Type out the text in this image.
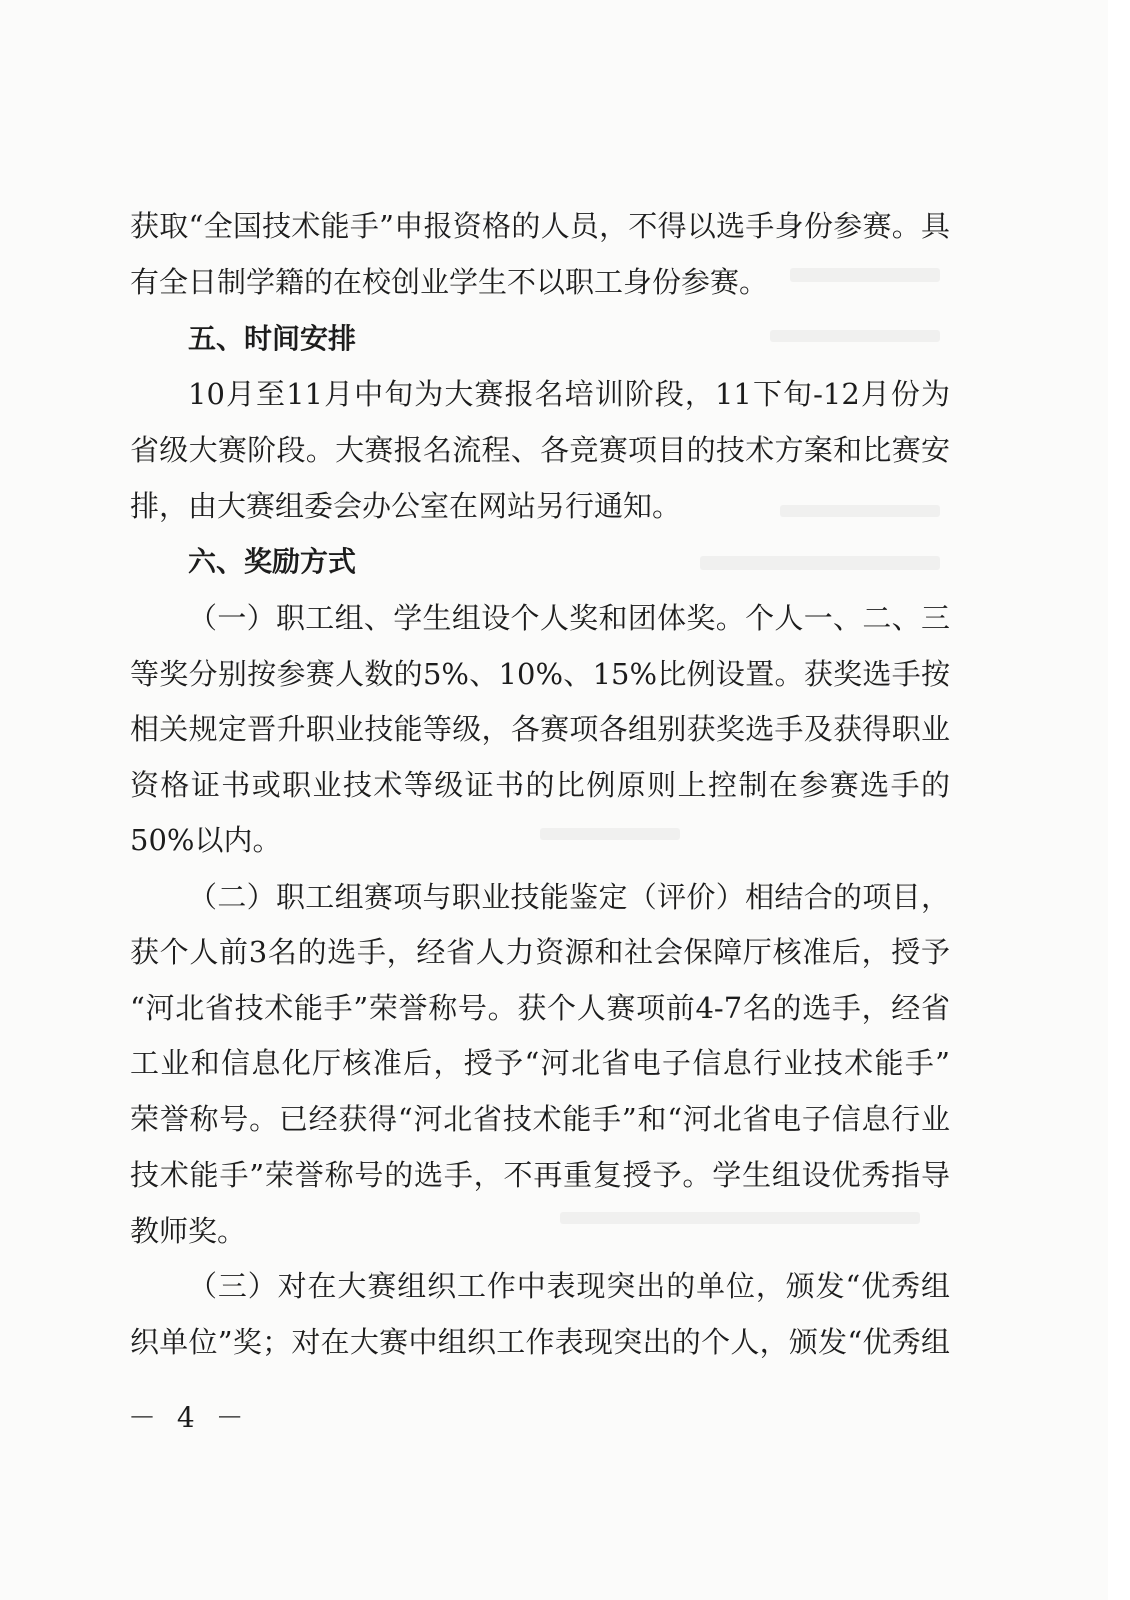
获取“全国技术能手”申报资格的人员，不得以选手身份参赛。具
有全日制学籍的在校创业学生不以职工身份参赛。
五、时间安排
10月至11月中旬为大赛报名培训阶段，11下旬-12月份为
省级大赛阶段。大赛报名流程、各竞赛项目的技术方案和比赛安
排，由大赛组委会办公室在网站另行通知。
六、奖励方式
（一）职工组、学生组设个人奖和团体奖。个人一、二、三
等奖分别按参赛人数的5%、10%、15%比例设置。获奖选手按
相关规定晋升职业技能等级，各赛项各组别获奖选手及获得职业
资格证书或职业技术等级证书的比例原则上控制在参赛选手的
50%以内。
（二）职工组赛项与职业技能鉴定（评价）相结合的项目，
获个人前3名的选手，经省人力资源和社会保障厅核准后，授予
“河北省技术能手”荣誉称号。获个人赛项前4-7名的选手，经省
工业和信息化厅核准后，授予“河北省电子信息行业技术能手”
荣誉称号。已经获得“河北省技术能手”和“河北省电子信息行业
技术能手”荣誉称号的选手，不再重复授予。学生组设优秀指导
教师奖。
（三）对在大赛组织工作中表现突出的单位，颁发“优秀组
织单位”奖；对在大赛中组织工作表现突出的个人，颁发“优秀组
－ 4 －
